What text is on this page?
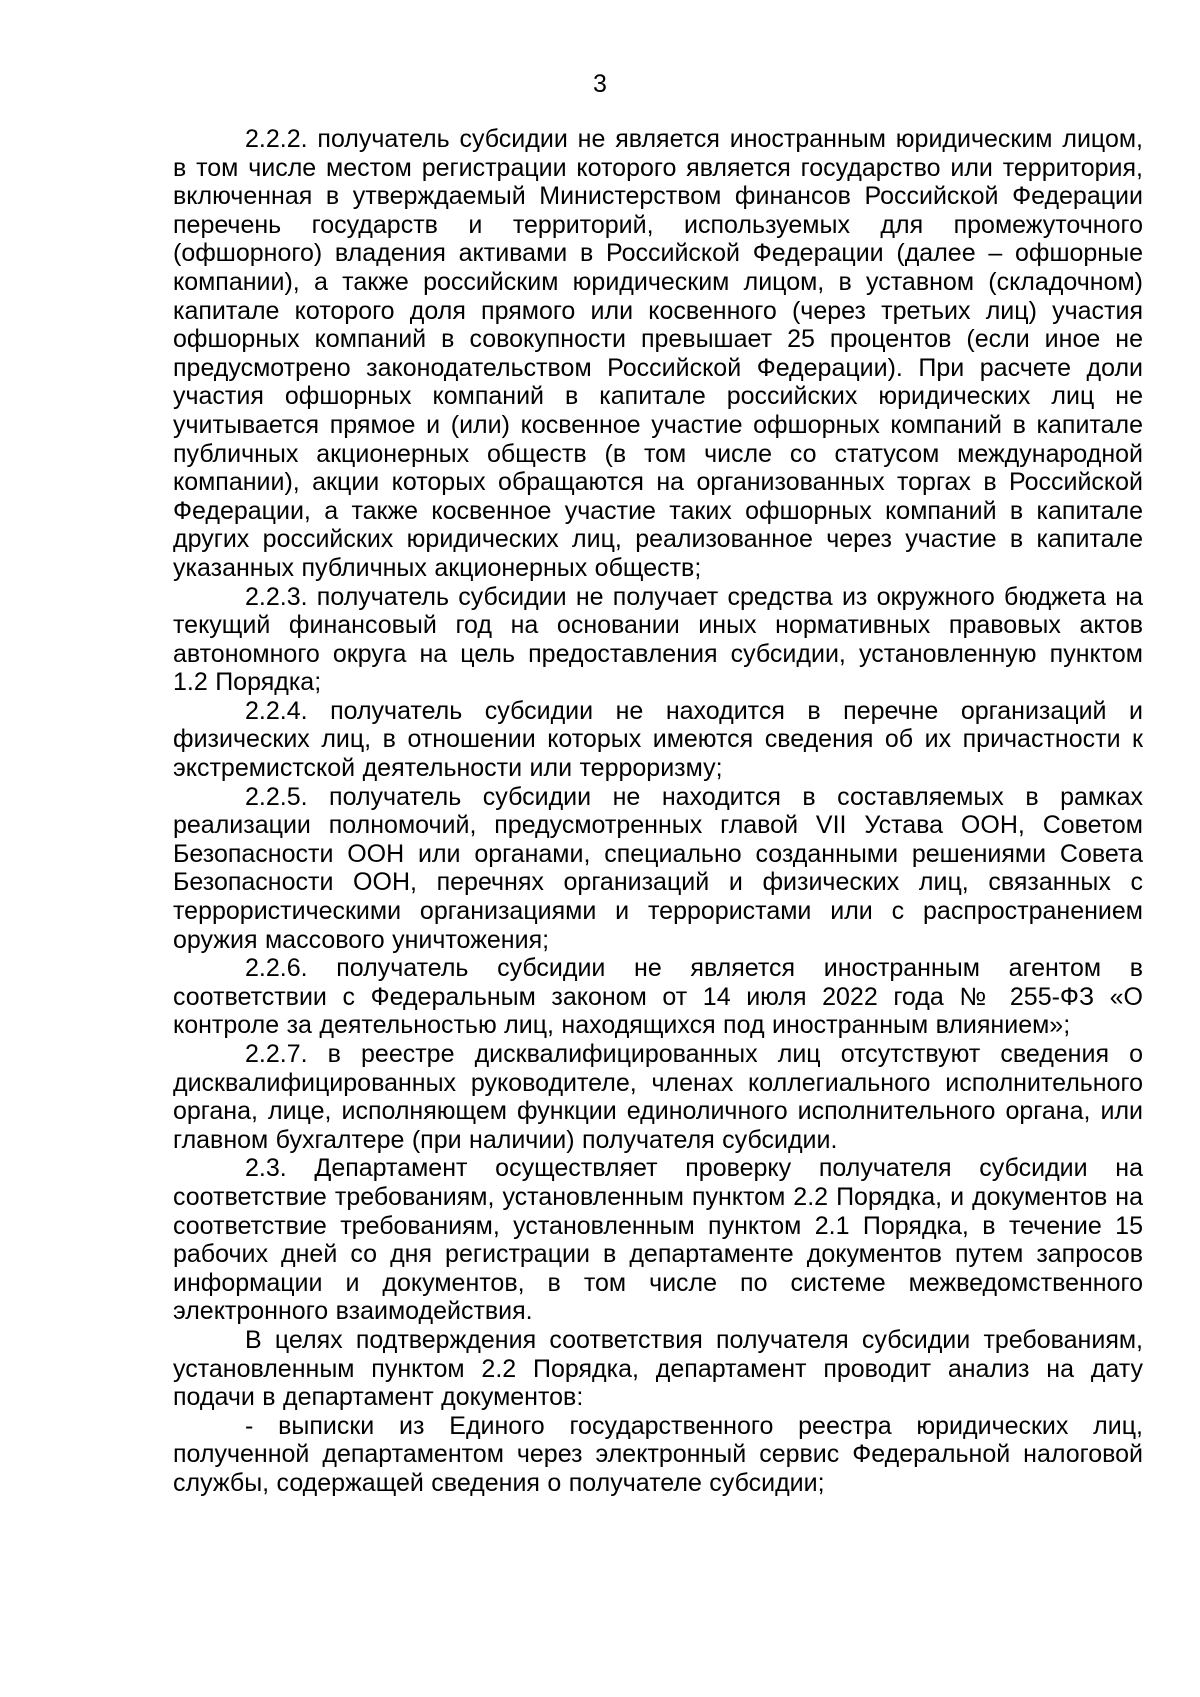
3

2.2.2. получатель субсидии не является иностранным юридическим лицом, в том числе местом регистрации которого является государство или территория, включенная в утверждаемый Министерством финансов Российской Федерации перечень государств и территорий, используемых для промежуточного (офшорного) владения активами в Российской Федерации (далее – офшорные компании), а также российским юридическим лицом, в уставном (складочном) капитале которого доля прямого или косвенного (через третьих лиц) участия офшорных компаний в совокупности превышает 25 процентов (если иное не предусмотрено законодательством Российской Федерации). При расчете доли участия офшорных компаний в капитале российских юридических лиц не учитывается прямое и (или) косвенное участие офшорных компаний в капитале публичных акционерных обществ (в том числе со статусом международной компании), акции которых обращаются на организованных торгах в Российской Федерации, а также косвенное участие таких офшорных компаний в капитале других российских юридических лиц, реализованное через участие в капитале указанных публичных акционерных обществ;

2.2.3. получатель субсидии не получает средства из окружного бюджета на текущий финансовый год на основании иных нормативных правовых актов автономного округа на цель предоставления субсидии, установленную пунктом 1.2 Порядка;

2.2.4. получатель субсидии не находится в перечне организаций и физических лиц, в отношении которых имеются сведения об их причастности к экстремистской деятельности или терроризму;

2.2.5. получатель субсидии не находится в составляемых в рамках реализации полномочий, предусмотренных главой VII Устава ООН, Советом Безопасности ООН или органами, специально созданными решениями Совета Безопасности ООН, перечнях организаций и физических лиц, связанных с террористическими организациями и террористами или с распространением оружия массового уничтожения;

2.2.6. получатель субсидии не является иностранным агентом в соответствии с Федеральным законом от 14 июля 2022 года № 255-ФЗ «О контроле за деятельностью лиц, находящихся под иностранным влиянием»;

2.2.7. в реестре дисквалифицированных лиц отсутствуют сведения о дисквалифицированных руководителе, членах коллегиального исполнительного органа, лице, исполняющем функции единоличного исполнительного органа, или главном бухгалтере (при наличии) получателя субсидии.

2.3. Департамент осуществляет проверку получателя субсидии на соответствие требованиям, установленным пунктом 2.2 Порядка, и документов на соответствие требованиям, установленным пунктом 2.1 Порядка, в течение 15 рабочих дней со дня регистрации в департаменте документов путем запросов информации и документов, в том числе по системе межведомственного электронного взаимодействия.

В целях подтверждения соответствия получателя субсидии требованиям, установленным пунктом 2.2 Порядка, департамент проводит анализ на дату подачи в департамент документов:

- выписки из Единого государственного реестра юридических лиц, полученной департаментом через электронный сервис Федеральной налоговой службы, содержащей сведения о получателе субсидии;
